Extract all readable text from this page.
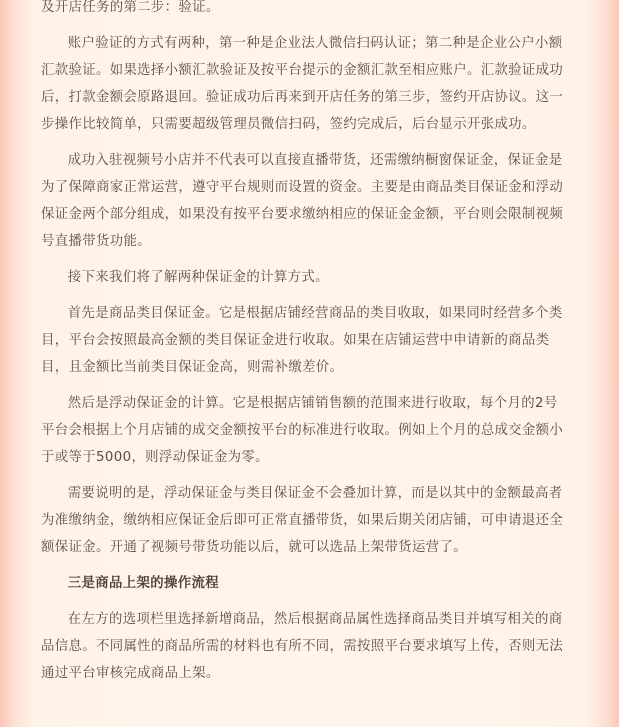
及开店任务的第二步：验证。

账户验证的方式有两种，第一种是企业法人微信扫码认证；第二种是企业公户小额汇款验证。如果选择小额汇款验证及按平台提示的金额汇款至相应账户。汇款验证成功后，打款金额会原路退回。验证成功后再来到开店任务的第三步，签约开店协议。这一步操作比较简单，只需要超级管理员微信扫码，签约完成后，后台显示开张成功。

成功入驻视频号小店并不代表可以直接直播带货，还需缴纳橱窗保证金，保证金是为了保障商家正常运营，遵守平台规则而设置的资金。主要是由商品类目保证金和浮动保证金两个部分组成，如果没有按平台要求缴纳相应的保证金金额，平台则会限制视频号直播带货功能。

接下来我们将了解两种保证金的计算方式。

首先是商品类目保证金。它是根据店铺经营商品的类目收取，如果同时经营多个类目，平台会按照最高金额的类目保证金进行收取。如果在店铺运营中申请新的商品类目，且金额比当前类目保证金高，则需补缴差价。

然后是浮动保证金的计算。它是根据店铺销售额的范围来进行收取，每个月的2号平台会根据上个月店铺的成交金额按平台的标准进行收取。例如上个月的总成交金额小于或等于5000，则浮动保证金为零。

需要说明的是，浮动保证金与类目保证金不会叠加计算，而是以其中的金额最高者为准缴纳金，缴纳相应保证金后即可正常直播带货，如果后期关闭店铺，可申请退还全额保证金。开通了视频号带货功能以后，就可以选品上架带货运营了。

三是商品上架的操作流程

在左方的选项栏里选择新增商品，然后根据商品属性选择商品类目并填写相关的商品信息。不同属性的商品所需的材料也有所不同，需按照平台要求填写上传，否则无法通过平台审核完成商品上架。
